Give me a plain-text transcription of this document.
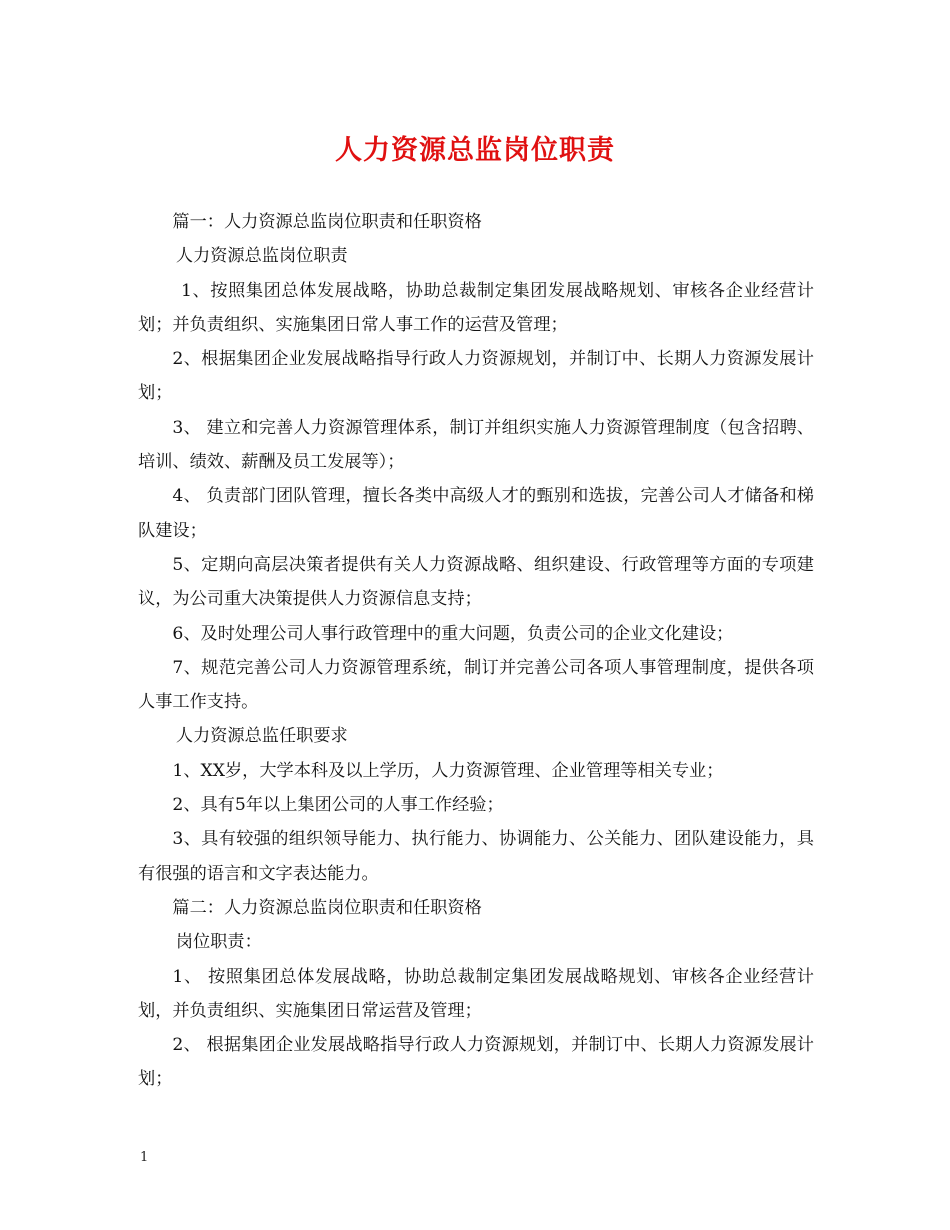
人力资源总监岗位职责

篇一：人力资源总监岗位职责和任职资格

人力资源总监岗位职责

1、按照集团总体发展战略，协助总裁制定集团发展战略规划、审核各企业经营计划；并负责组织、实施集团日常人事工作的运营及管理；

2、根据集团企业发展战略指导行政人力资源规划，并制订中、长期人力资源发展计划；

3、 建立和完善人力资源管理体系，制订并组织实施人力资源管理制度（包含招聘、培训、绩效、薪酬及员工发展等）；

4、 负责部门团队管理，擅长各类中高级人才的甄别和选拔，完善公司人才储备和梯队建设；

5、定期向高层决策者提供有关人力资源战略、组织建设、行政管理等方面的专项建议，为公司重大决策提供人力资源信息支持；

6、及时处理公司人事行政管理中的重大问题，负责公司的企业文化建设；

7、规范完善公司人力资源管理系统，制订并完善公司各项人事管理制度，提供各项人事工作支持。

人力资源总监任职要求

1、XX岁，大学本科及以上学历，人力资源管理、企业管理等相关专业；

2、具有5年以上集团公司的人事工作经验；

3、具有较强的组织领导能力、执行能力、协调能力、公关能力、团队建设能力，具有很强的语言和文字表达能力。

篇二：人力资源总监岗位职责和任职资格

岗位职责：

1、 按照集团总体发展战略，协助总裁制定集团发展战略规划、审核各企业经营计划，并负责组织、实施集团日常运营及管理；

2、 根据集团企业发展战略指导行政人力资源规划，并制订中、长期人力资源发展计划；

1
